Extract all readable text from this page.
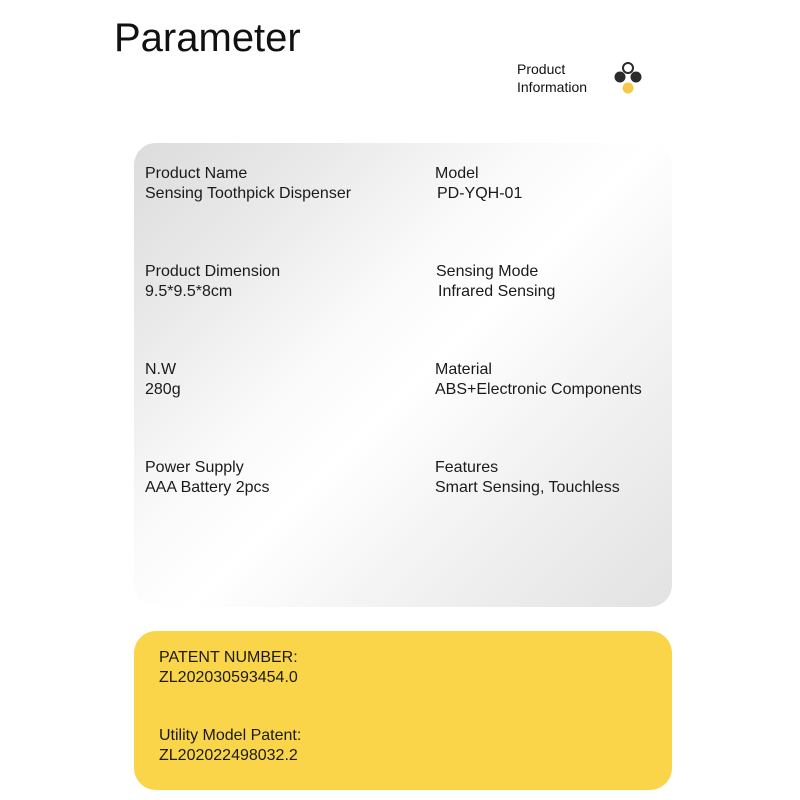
Parameter
Product
Information
Product Name
Sensing Toothpick Dispenser
Model
PD-YQH-01
Product Dimension
9.5*9.5*8cm
Sensing Mode
Infrared Sensing
N.W
280g
Material
ABS+Electronic Components
Power Supply
AAA Battery 2pcs
Features
Smart Sensing, Touchless
PATENT NUMBER:
ZL202030593454.0
Utility Model Patent:
ZL202022498032.2
